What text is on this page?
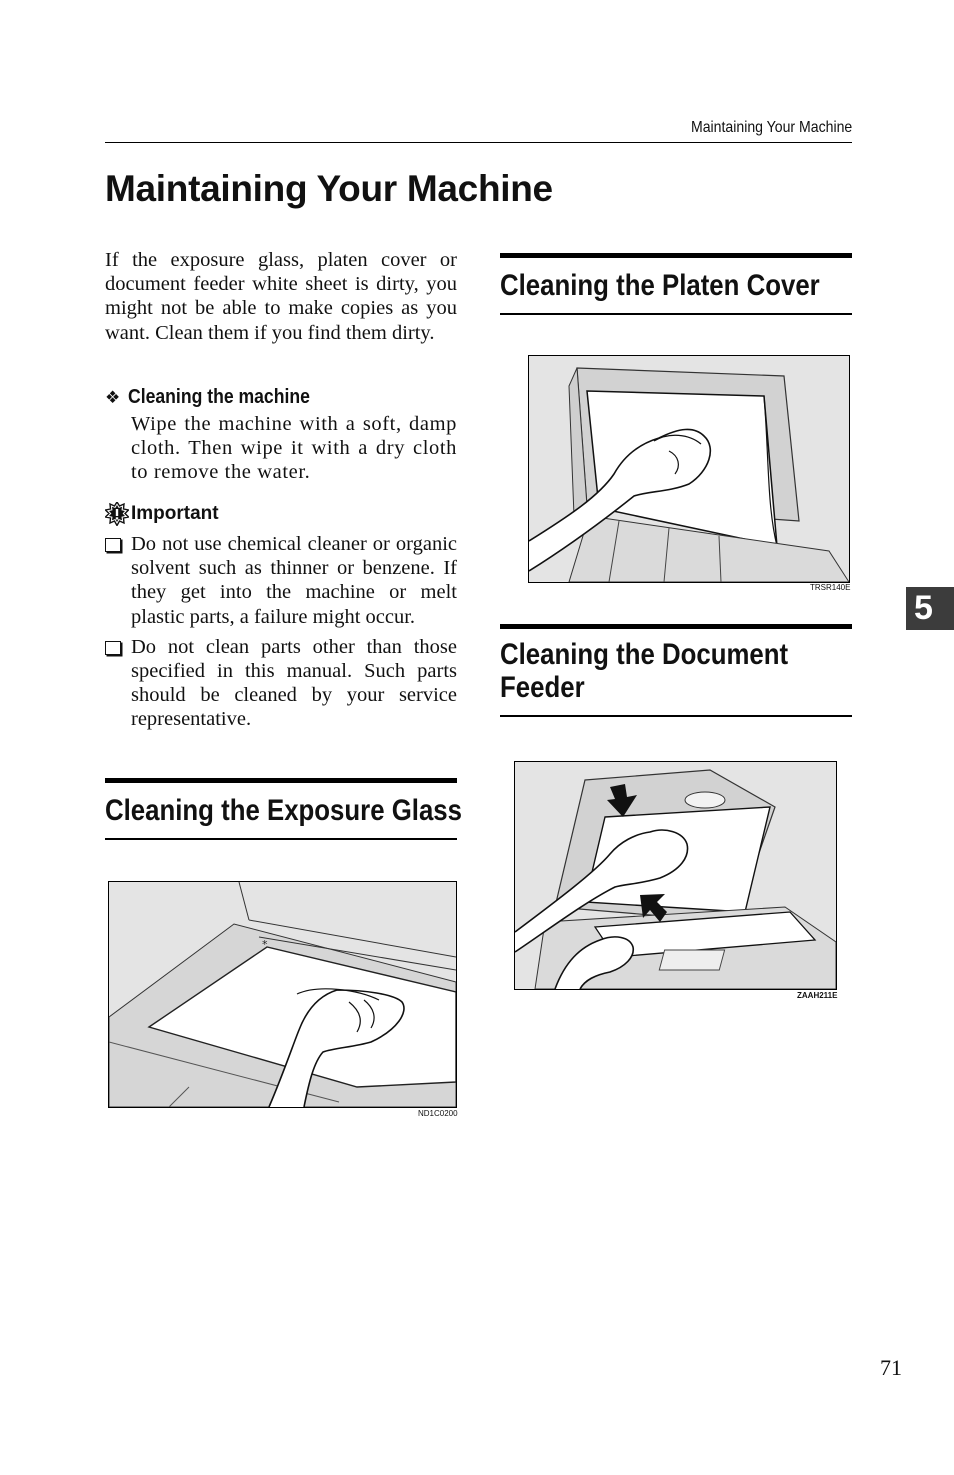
Maintaining Your Machine
Maintaining Your Machine
If the exposure glass, platen cover or document feeder white sheet is dirty, you might not be able to make copies as you want. Clean them if you find them dirty.
❖ Cleaning the machine
Wipe the machine with a soft, damp cloth. Then wipe it with a dry cloth to remove the water.
Important
Do not use chemical cleaner or organic solvent such as thinner or benzene. If they get into the machine or melt plastic parts, a failure might occur.
Do not clean parts other than those specified in this manual. Such parts should be cleaned by your service representative.
Cleaning the Exposure Glass
*
ND1C0200
Cleaning the Platen Cover
TRSR140E
Cleaning the Document
Feeder
ZAAH211E
5
71
